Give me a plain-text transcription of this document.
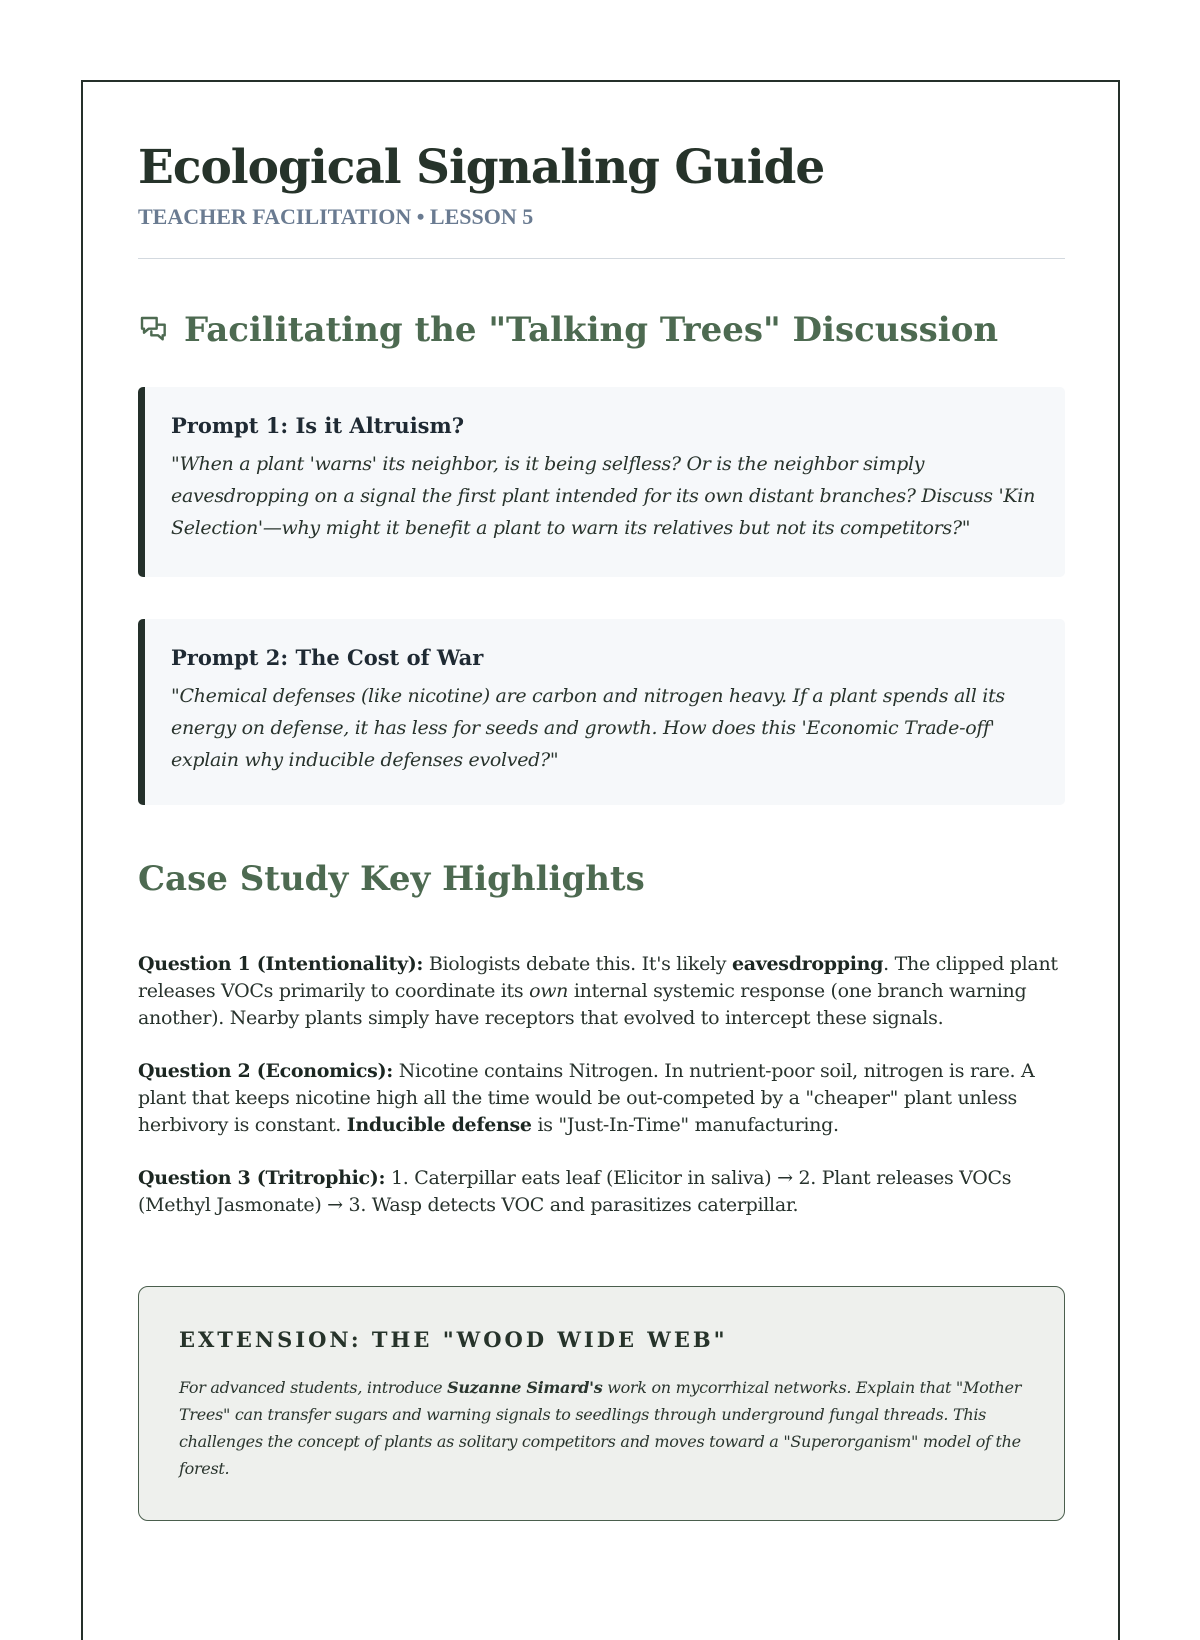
Ecological Signaling Guide
TEACHER FACILITATION • LESSON 5
Facilitating the "Talking Trees" Discussion
Prompt 1: Is it Altruism?

"When a plant 'warns' its neighbor, is it being selfless? Or is the neighbor simply eavesdropping on a signal the first plant intended for its own distant branches? Discuss 'Kin Selection'—why might it benefit a plant to warn its relatives but not its competitors?"

Prompt 2: The Cost of War

"Chemical defenses (like nicotine) are carbon and nitrogen heavy. If a plant spends all its energy on defense, it has less for seeds and growth. How does this 'Economic Trade-off' explain why inducible defenses evolved?"

Case Study Key Highlights

Question 1 (Intentionality): Biologists debate this. It's likely eavesdropping. The clipped plant releases VOCs primarily to coordinate its own internal systemic response (one branch warning another). Nearby plants simply have receptors that evolved to intercept these signals.

Question 2 (Economics): Nicotine contains Nitrogen. In nutrient-poor soil, nitrogen is rare. A plant that keeps nicotine high all the time would be out-competed by a "cheaper" plant unless herbivory is constant. Inducible defense is "Just-In-Time" manufacturing.

Question 3 (Tritrophic): 1. Caterpillar eats leaf (Elicitor in saliva) → 2. Plant releases VOCs (Methyl Jasmonate) → 3. Wasp detects VOC and parasitizes caterpillar.

EXTENSION: THE "WOOD WIDE WEB"

For advanced students, introduce Suzanne Simard's work on mycorrhizal networks. Explain that "Mother Trees" can transfer sugars and warning signals to seedlings through underground fungal threads. This challenges the concept of plants as solitary competitors and moves toward a "Superorganism" model of the forest.
